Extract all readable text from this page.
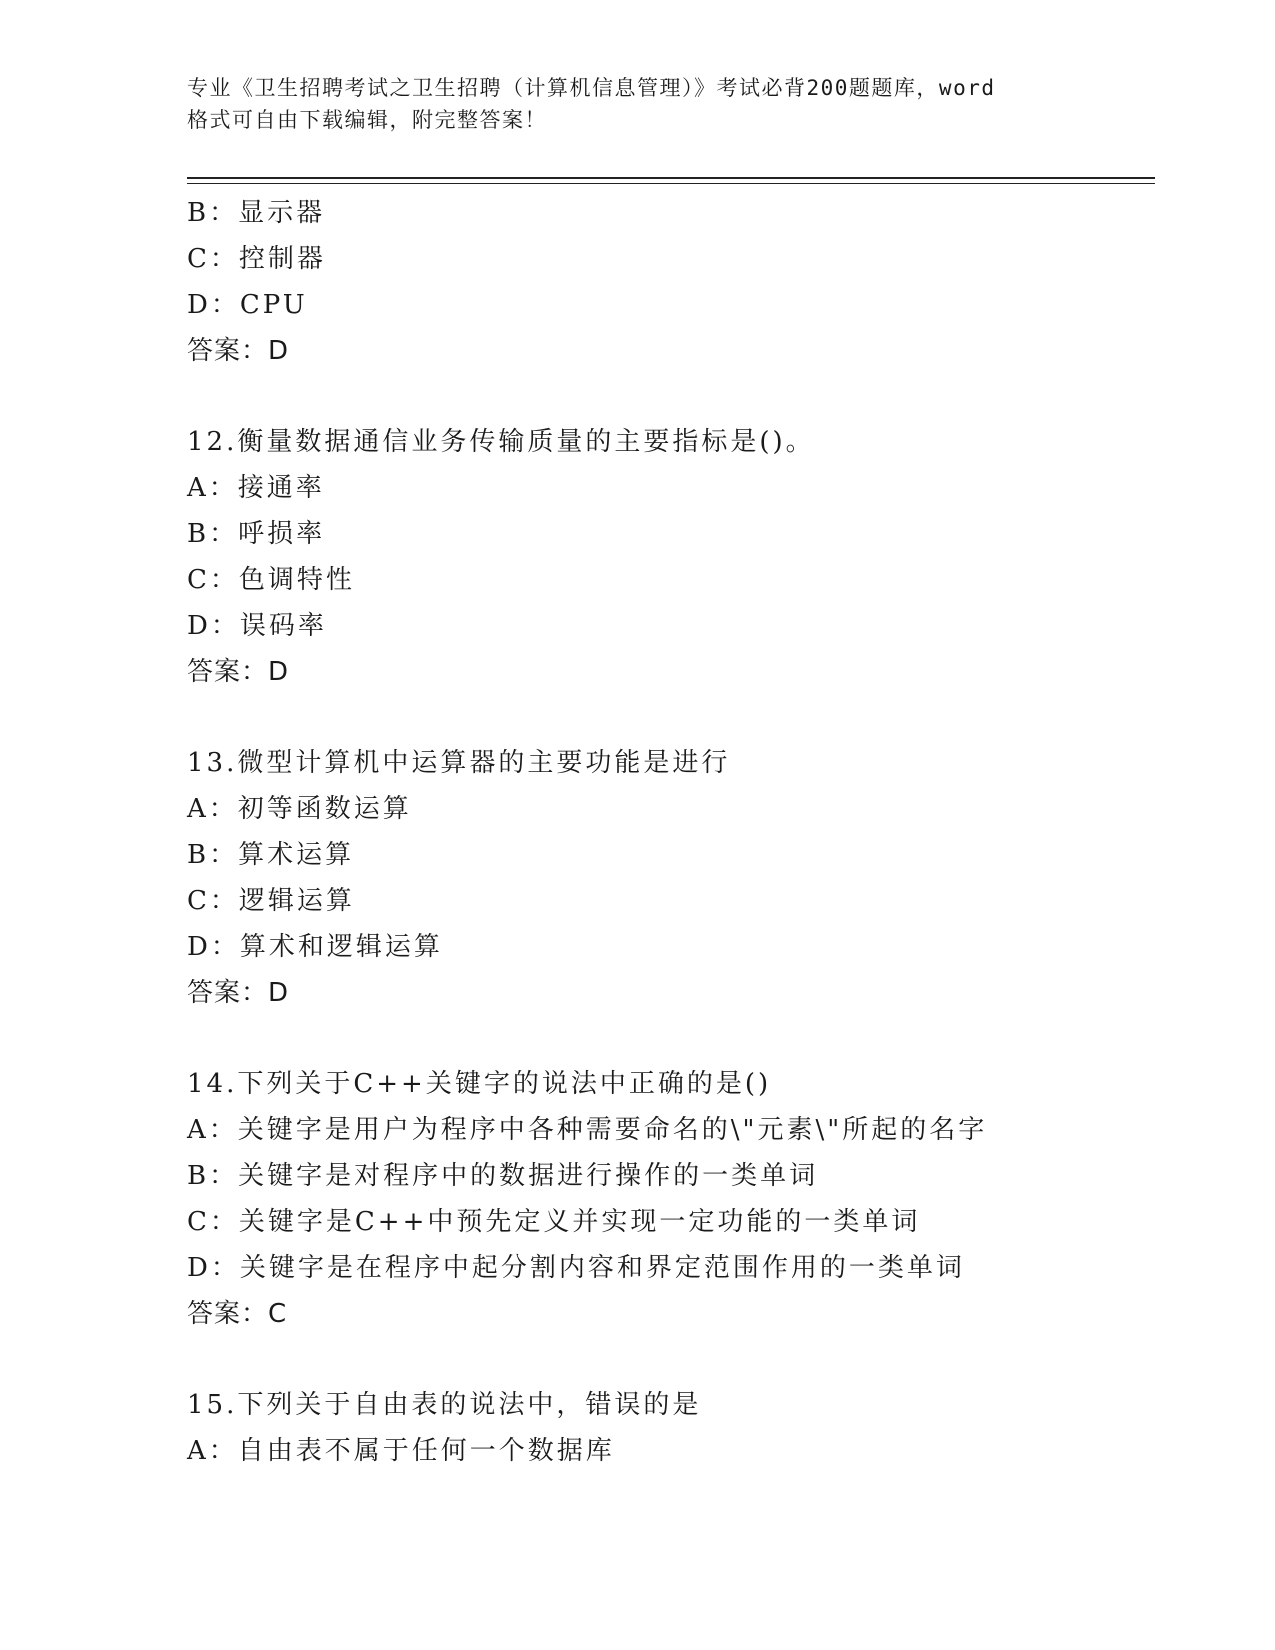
专业《卫生招聘考试之卫生招聘（计算机信息管理）》考试必背200题题库，word
格式可自由下载编辑，附完整答案！
B：显示器
C：控制器
D：CPU
答案：D
12.衡量数据通信业务传输质量的主要指标是()。
A：接通率
B：呼损率
C：色调特性
D：误码率
答案：D
13.微型计算机中运算器的主要功能是进行
A：初等函数运算
B：算术运算
C：逻辑运算
D：算术和逻辑运算
答案：D
14.下列关于C++关键字的说法中正确的是()
A：关键字是用户为程序中各种需要命名的\"元素\"所起的名字
B：关键字是对程序中的数据进行操作的一类单词
C：关键字是C++中预先定义并实现一定功能的一类单词
D：关键字是在程序中起分割内容和界定范围作用的一类单词
答案：C
15.下列关于自由表的说法中，错误的是
A：自由表不属于任何一个数据库
